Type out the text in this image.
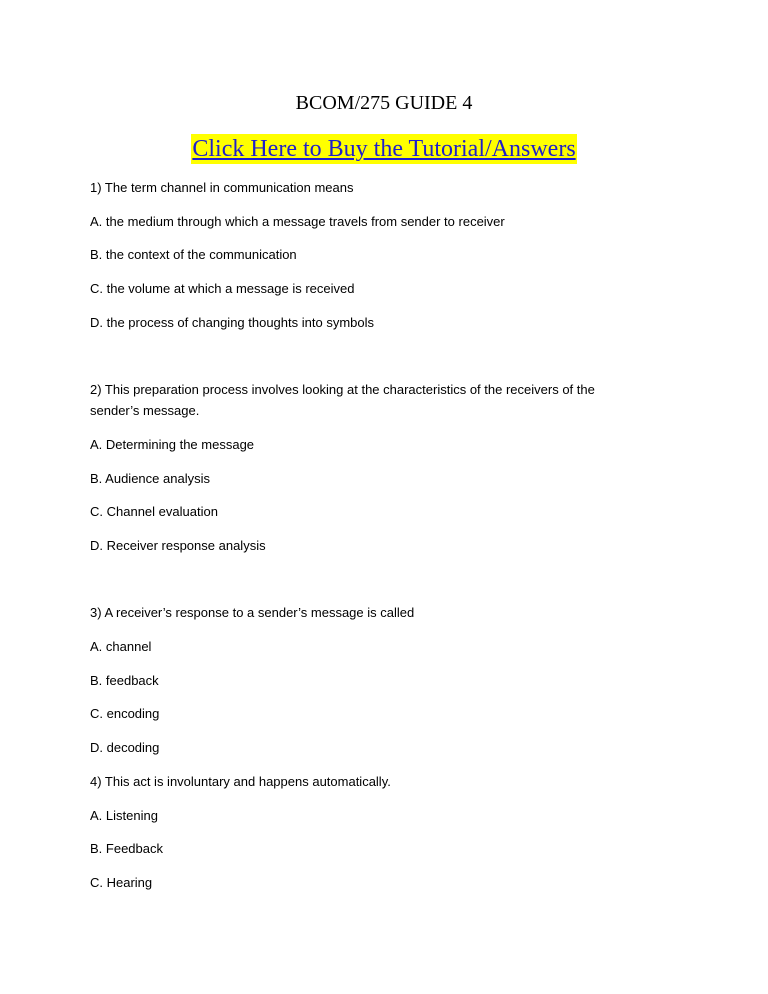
BCOM/275 GUIDE 4
Click Here to Buy the Tutorial/Answers
1) The term channel in communication means
A. the medium through which a message travels from sender to receiver
B. the context of the communication
C. the volume at which a message is received
D. the process of changing thoughts into symbols
2) This preparation process involves looking at the characteristics of the receivers of the
sender’s message.
A. Determining the message
B. Audience analysis
C. Channel evaluation
D. Receiver response analysis
3) A receiver’s response to a sender’s message is called
A. channel
B. feedback
C. encoding
D. decoding
4) This act is involuntary and happens automatically.
A. Listening
B. Feedback
C. Hearing
